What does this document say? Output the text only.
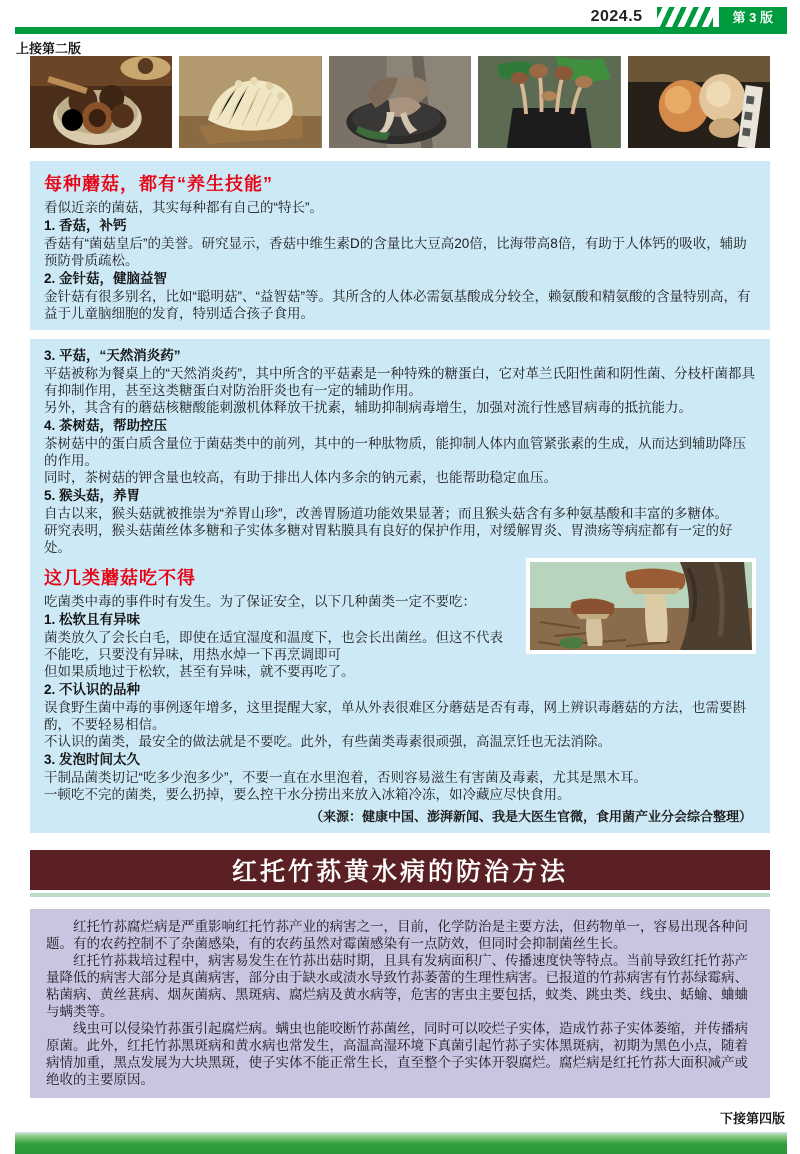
2024.5	第 3 版
上接第二版
每种蘑菇，都有“养生技能”

看似近亲的菌菇，其实每种都有自己的“特长”。

1. 香菇，补钙

香菇有“菌菇皇后”的美誉。研究显示，香菇中维生素D的含量比大豆高20倍，比海带高8倍，有助于人体钙的吸收，辅助预防骨质疏松。

2. 金针菇，健脑益智

金针菇有很多别名，比如“聪明菇”、“益智菇”等。其所含的人体必需氨基酸成分较全，赖氨酸和精氨酸的含量特别高，有益于儿童脑细胞的发育，特别适合孩子食用。

3. 平菇，“天然消炎药”

平菇被称为餐桌上的“天然消炎药”，其中所含的平菇素是一种特殊的糖蛋白，它对革兰氏阳性菌和阴性菌、分枝杆菌都具有抑制作用，甚至这类糖蛋白对防治肝炎也有一定的辅助作用。

另外，其含有的蘑菇核糖酸能刺激机体释放干扰素，辅助抑制病毒增生，加强对流行性感冒病毒的抵抗能力。

4. 茶树菇，帮助控压

茶树菇中的蛋白质含量位于菌菇类中的前列，其中的一种肽物质，能抑制人体内血管紧张素的生成，从而达到辅助降压的作用。

同时，茶树菇的钾含量也较高，有助于排出人体内多余的钠元素，也能帮助稳定血压。

5. 猴头菇，养胃

自古以来，猴头菇就被推崇为“养胃山珍”，改善胃肠道功能效果显著；而且猴头菇含有多种氨基酸和丰富的多糖体。

研究表明，猴头菇菌丝体多糖和子实体多糖对胃粘膜具有良好的保护作用，对缓解胃炎、胃溃疡等病症都有一定的好处。

这几类蘑菇吃不得

吃菌类中毒的事件时有发生。为了保证安全，以下几种菌类一定不要吃：

1. 松软且有异味

菌类放久了会长白毛，即使在适宜湿度和温度下，也会长出菌丝。但这不代表不能吃，只要没有异味，用热水焯一下再烹调即可

但如果质地过于松软，甚至有异味，就不要再吃了。

2. 不认识的品种

误食野生菌中毒的事例逐年增多，这里提醒大家，单从外表很难区分蘑菇是否有毒，网上辨识毒蘑菇的方法，也需要斟酌，不要轻易相信。

不认识的菌类，最安全的做法就是不要吃。此外，有些菌类毒素很顽强，高温烹饪也无法消除。

3. 发泡时间太久

干制品菌类切记“吃多少泡多少”，不要一直在水里泡着，否则容易滋生有害菌及毒素，尤其是黑木耳。

一顿吃不完的菌类，要么扔掉，要么控干水分捞出来放入冰箱冷冻，如冷藏应尽快食用。

（来源：健康中国、澎湃新闻、我是大医生官微，食用菌产业分会综合整理）
红托竹荪黄水病的防治方法

红托竹荪腐烂病是严重影响红托竹荪产业的病害之一，目前，化学防治是主要方法，但药物单一，容易出现各种问题。有的农药控制不了杂菌感染，有的农药虽然对霉菌感染有一点防效，但同时会抑制菌丝生长。

红托竹荪栽培过程中，病害易发生在竹荪出菇时期，且具有发病面积广、传播速度快等特点。当前导致红托竹荪产量降低的病害大部分是真菌病害，部分由于缺水或渍水导致竹荪萎蕾的生理性病害。已报道的竹荪病害有竹荪绿霉病、粘菌病、黄丝葚病、烟灰菌病、黑斑病、腐烂病及黄水病等，危害的害虫主要包括，蚊类、跳虫类、线虫、蛞蝓、蛐蛐与螨类等。

线虫可以侵染竹荪蛋引起腐烂病。螨虫也能咬断竹荪菌丝，同时可以咬烂子实体，造成竹荪子实体萎缩，并传播病原菌。此外，红托竹荪黑斑病和黄水病也常发生，高温高湿环境下真菌引起竹荪子实体黑斑病，初期为黑色小点，随着病情加重，黑点发展为大块黑斑，使子实体不能正常生长，直至整个子实体开裂腐烂。腐烂病是红托竹荪大面积减产或绝收的主要原因。

下接第四版
